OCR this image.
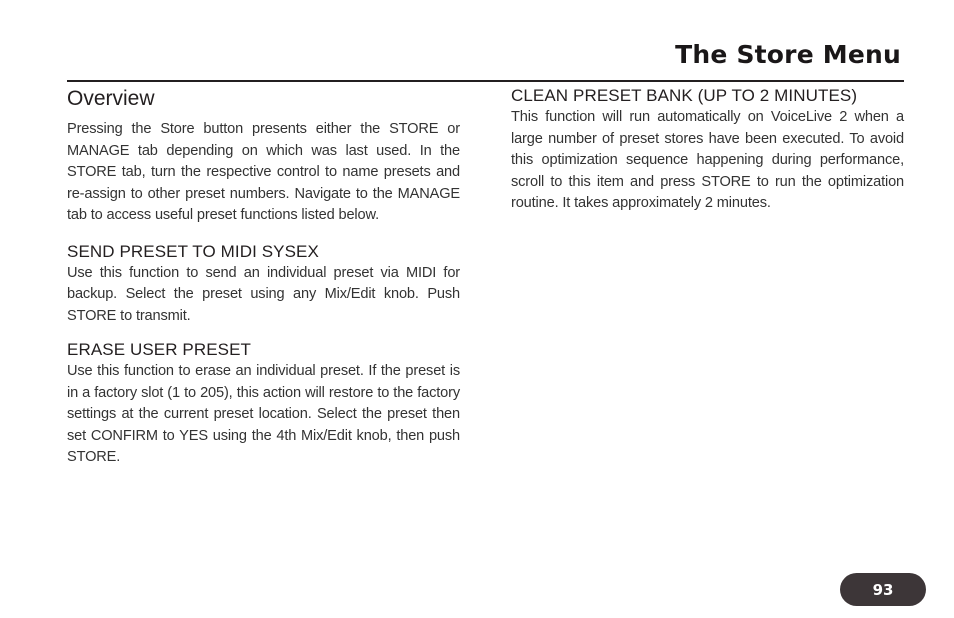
The Store Menu
Overview

Pressing the Store button presents either the STORE or MANAGE tab depending on which was last used. In the STORE tab, turn the respective control to name presets and re-assign to other preset numbers. Navigate to the MANAGE tab to access useful preset functions listed below.

SEND PRESET TO MIDI SYSEX

Use this function to send an individual preset via MIDI for backup. Select the preset using any Mix/Edit knob. Push STORE to transmit.

ERASE USER PRESET

Use this function to erase an individual preset. If the preset is in a factory slot (1 to 205), this action will restore to the factory settings at the current preset location. Select the preset then set CONFIRM to YES using the 4th Mix/Edit knob, then push STORE.

CLEAN PRESET BANK (UP TO 2 MINUTES)

This function will run automatically on VoiceLive 2 when a large number of preset stores have been executed. To avoid this optimization sequence happening during performance, scroll to this item and press STORE to run the optimization routine. It takes approximately 2 minutes.

93
